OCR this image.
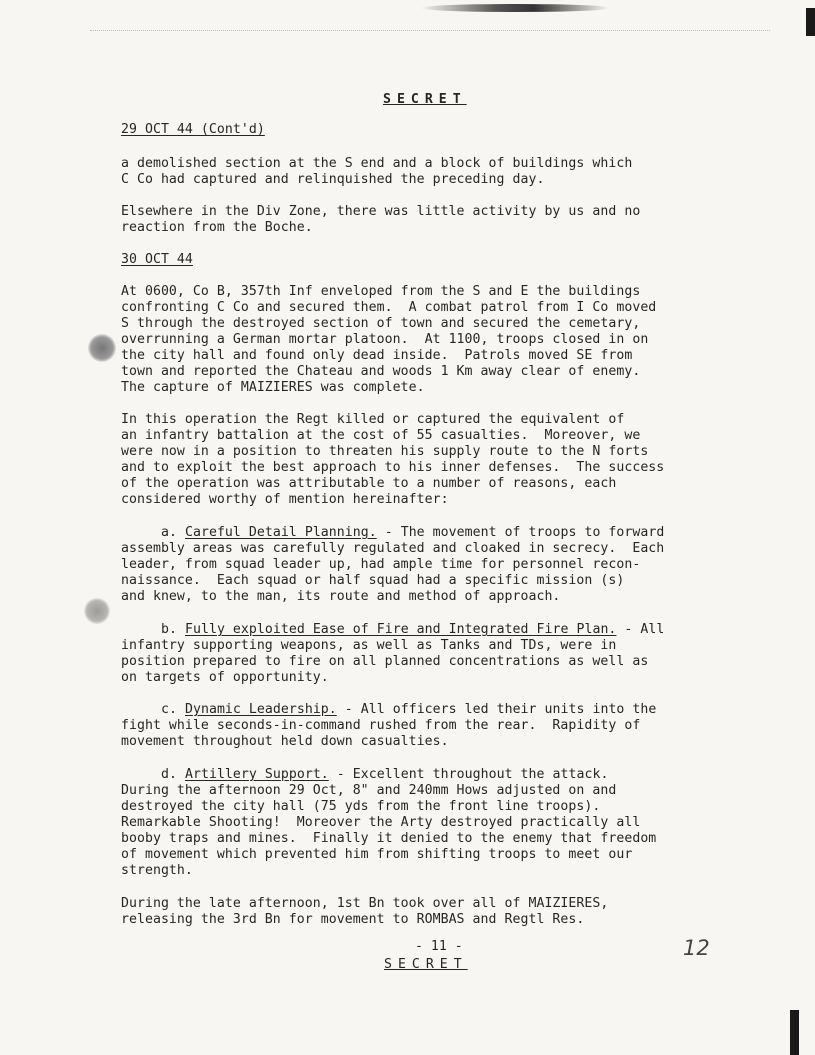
SECRET
29 OCT 44 (Cont'd)
a demolished section at the S end and a block of buildings which
C Co had captured and relinquished the preceding day.
Elsewhere in the Div Zone, there was little activity by us and no
reaction from the Boche.
30 OCT 44
At 0600, Co B, 357th Inf enveloped from the S and E the buildings
confronting C Co and secured them.  A combat patrol from I Co moved
S through the destroyed section of town and secured the cemetary,
overrunning a German mortar platoon.  At 1100, troops closed in on
the city hall and found only dead inside.  Patrols moved SE from
town and reported the Chateau and woods 1 Km away clear of enemy.
The capture of MAIZIERES was complete.
In this operation the Regt killed or captured the equivalent of
an infantry battalion at the cost of 55 casualties.  Moreover, we
were now in a position to threaten his supply route to the N forts
and to exploit the best approach to his inner defenses.  The success
of the operation was attributable to a number of reasons, each
considered worthy of mention hereinafter:
a. Careful Detail Planning. - The movement of troops to forward
assembly areas was carefully regulated and cloaked in secrecy.  Each
leader, from squad leader up, had ample time for personnel recon-
naissance.  Each squad or half squad had a specific mission (s)
and knew, to the man, its route and method of approach.
b. Fully exploited Ease of Fire and Integrated Fire Plan. - All
infantry supporting weapons, as well as Tanks and TDs, were in
position prepared to fire on all planned concentrations as well as
on targets of opportunity.
c. Dynamic Leadership. - All officers led their units into the
fight while seconds-in-command rushed from the rear.  Rapidity of
movement throughout held down casualties.
d. Artillery Support. - Excellent throughout the attack.
During the afternoon 29 Oct, 8" and 240mm Hows adjusted on and
destroyed the city hall (75 yds from the front line troops).
Remarkable Shooting!  Moreover the Arty destroyed practically all
booby traps and mines.  Finally it denied to the enemy that freedom
of movement which prevented him from shifting troops to meet our
strength.
During the late afternoon, 1st Bn took over all of MAIZIERES,
releasing the 3rd Bn for movement to ROMBAS and Regtl Res.
- 11 -
SECRET
12
